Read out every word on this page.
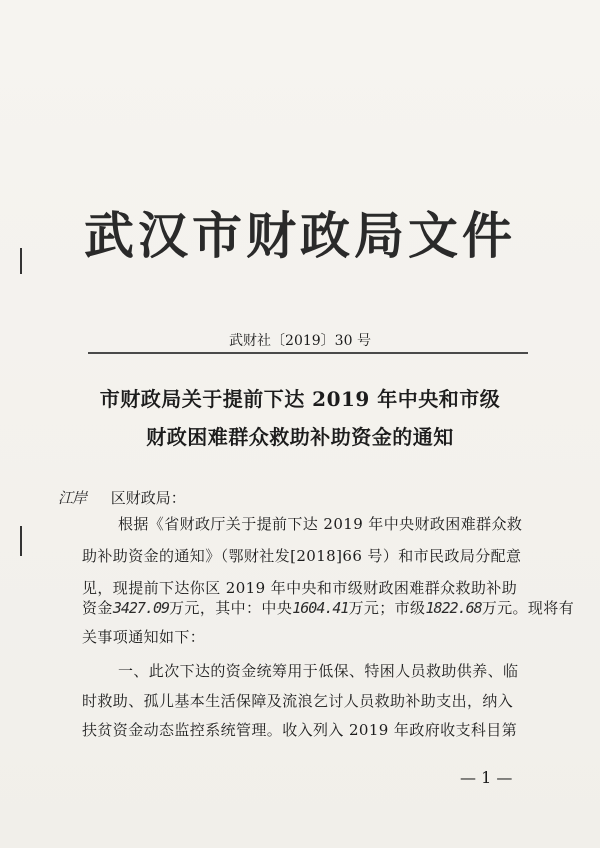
武汉市财政局文件
武财社〔2019〕30 号
市财政局关于提前下达 2019 年中央和市级
财政困难群众救助补助资金的通知
江岸 区财政局：
根据《省财政厅关于提前下达 2019 年中央财政困难群众救
助补助资金的通知》（鄂财社发[2018]66 号）和市民政局分配意
见，现提前下达你区 2019 年中央和市级财政困难群众救助补助
资金3427.09万元，其中：中央1604.41万元；市级1822.68万元。现将有
关事项通知如下：
一、此次下达的资金统筹用于低保、特困人员救助供养、临
时救助、孤儿基本生活保障及流浪乞讨人员救助补助支出，纳入
扶贫资金动态监控系统管理。收入列入 2019 年政府收支科目第
— 1 —
